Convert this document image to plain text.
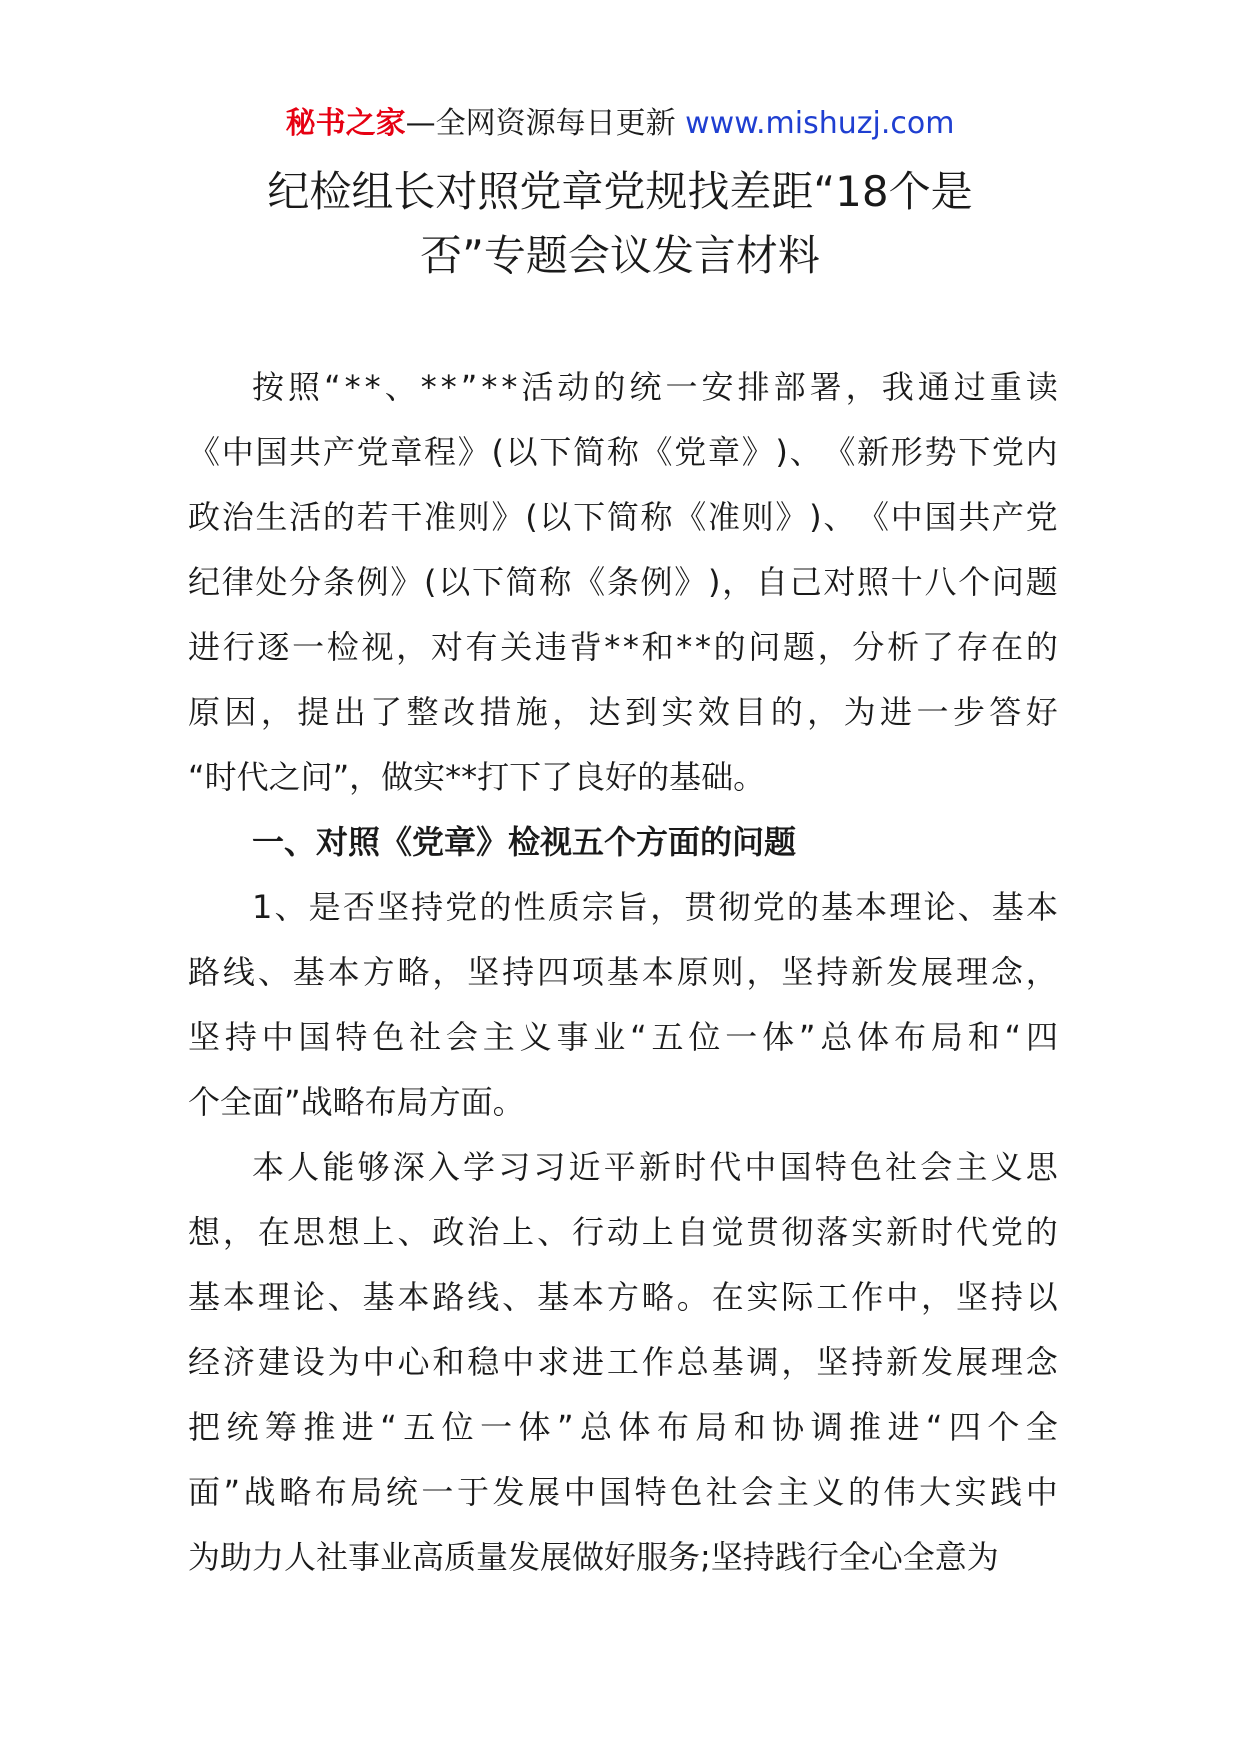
秘书之家—全网资源每日更新 www.mishuzj.com
纪检组长对照党章党规找差距“18个是
否”专题会议发言材料
按 照 “ * * 、 * * ” * * 活 动 的 统 一 安 排 部 署 ， 我 通 过 重 读
《 中 国 共 产 党 章 程 》 ( 以 下 简 称 《 党 章 》 ) 、 《 新 形 势 下 党 内
政 治 生 活 的 若 干 准 则 》 ( 以 下 简 称 《 准 则 》 ) 、 《 中 国 共 产 党
纪 律 处 分 条 例 》 ( 以 下 简 称 《 条 例 》 ) ， 自 己 对 照 十 八 个 问 题
进 行 逐 一 检 视 ， 对 有 关 违 背 * * 和 * * 的 问 题 ， 分 析 了 存 在 的
原 因 ， 提 出 了 整 改 措 施 ， 达 到 实 效 目 的 ， 为 进 一 步 答 好
“时代之问”，做实**打下了良好的基础。
一、对照《党章》检视五个方面的问题
1 、 是 否 坚 持 党 的 性 质 宗 旨 ， 贯 彻 党 的 基 本 理 论 、 基 本
路 线 、 基 本 方 略 ， 坚 持 四 项 基 本 原 则 ， 坚 持 新 发 展 理 念 ，
坚 持 中 国 特 色 社 会 主 义 事 业 “ 五 位 一 体 ” 总 体 布 局 和 “ 四
个全面”战略布局方面。
本 人 能 够 深 入 学 习 习 近 平 新 时 代 中 国 特 色 社 会 主 义 思
想 ， 在 思 想 上 、 政 治 上 、 行 动 上 自 觉 贯 彻 落 实 新 时 代 党 的
基 本 理 论 、 基 本 路 线 、 基 本 方 略 。 在 实 际 工 作 中 ， 坚 持 以
经 济 建 设 为 中 心 和 稳 中 求 进 工 作 总 基 调 ， 坚 持 新 发 展 理 念
把 统 筹 推 进 “ 五 位 一 体 ” 总 体 布 局 和 协 调 推 进 “ 四 个 全
面 ” 战 略 布 局 统 一 于 发 展 中 国 特 色 社 会 主 义 的 伟 大 实 践 中
为助力人社事业高质量发展做好服务;坚持践行全心全意为
